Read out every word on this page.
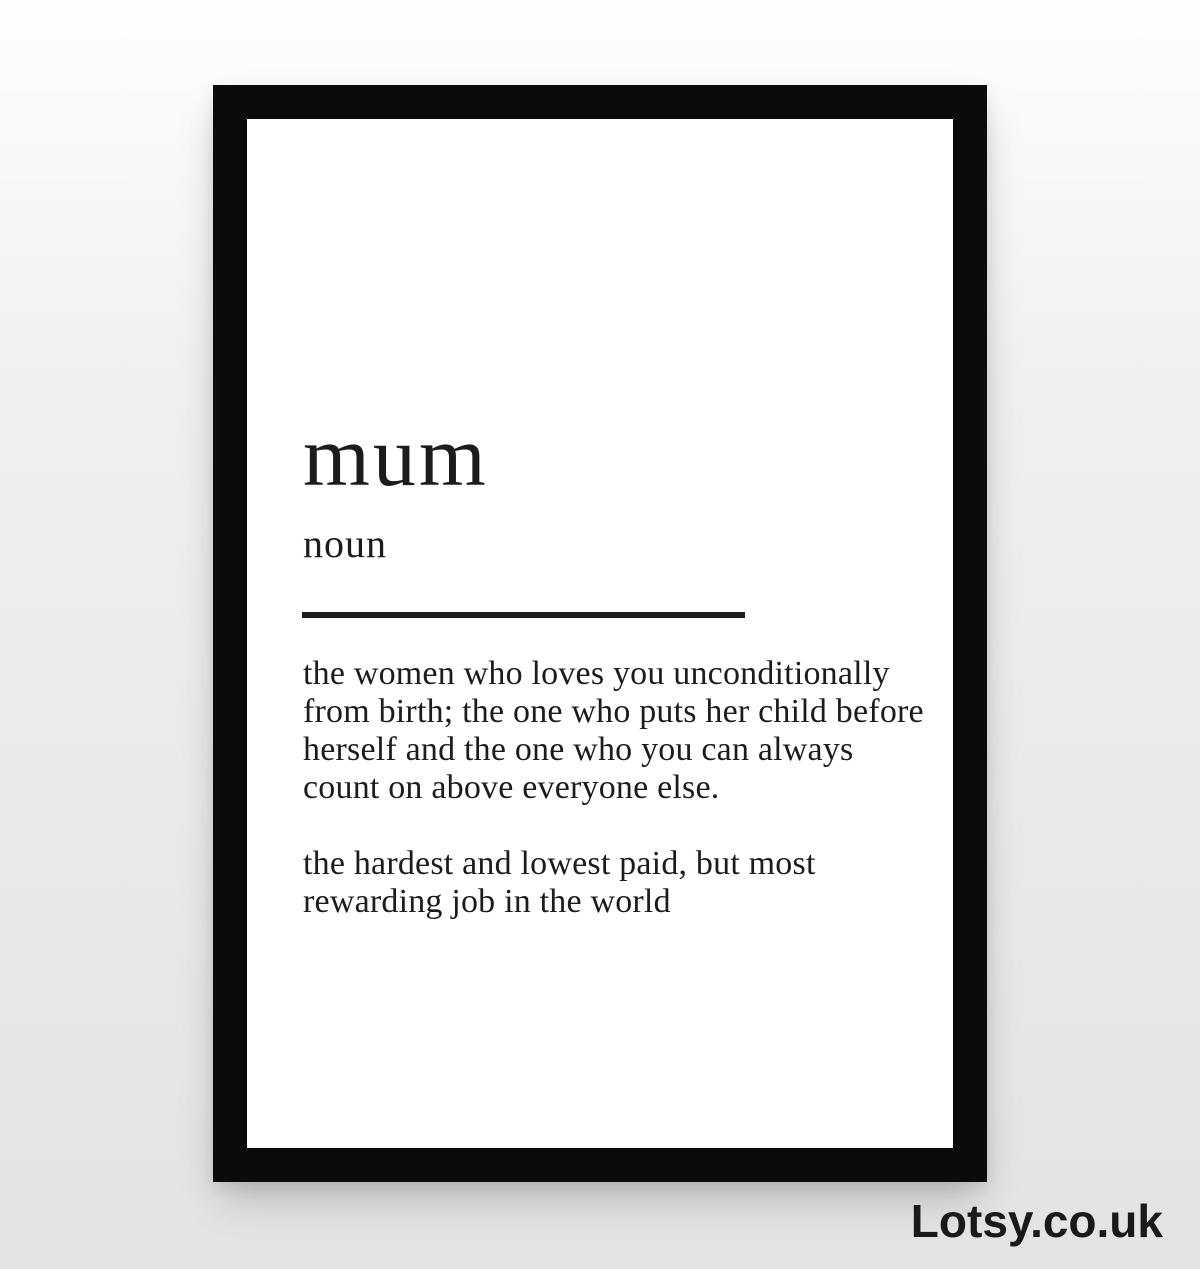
mum
noun

the women who loves you unconditionally from birth; the one who puts her child before herself and the one who you can always count on above everyone else.

the hardest and lowest paid, but most rewarding job in the world

Lotsy.co.uk
